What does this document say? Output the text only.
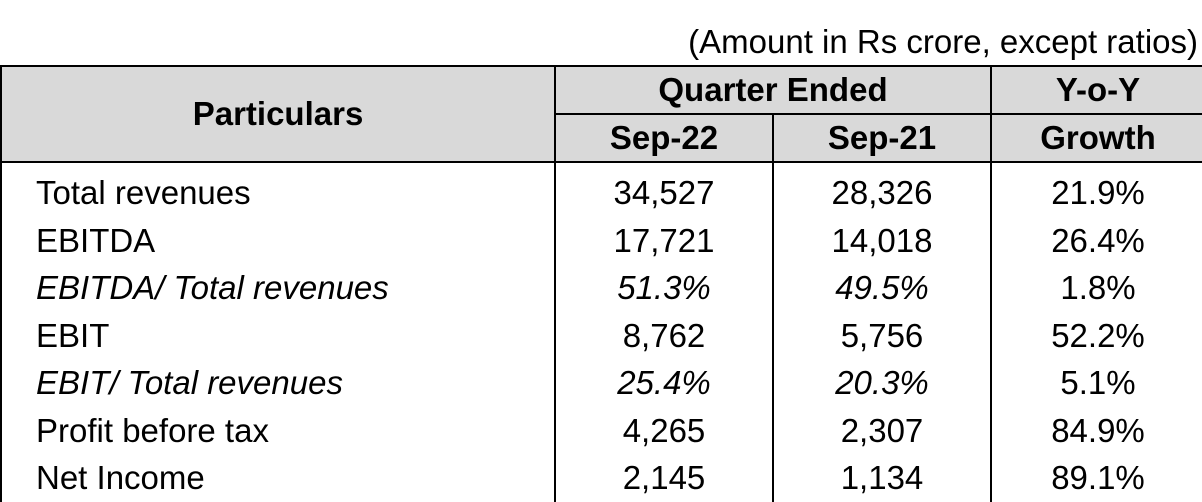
(Amount in Rs crore, except ratios)
Particulars	Quarter Ended		Y-o-Y
	Sep-22	Sep-21	Growth
Total revenues	34,527	28,326	21.9%
EBITDA	17,721	14,018	26.4%
EBITDA/ Total revenues	51.3%	49.5%	1.8%
EBIT	8,762	5,756	52.2%
EBIT/ Total revenues	25.4%	20.3%	5.1%
Profit before tax	4,265	2,307	84.9%
Net Income	2,145	1,134	89.1%
